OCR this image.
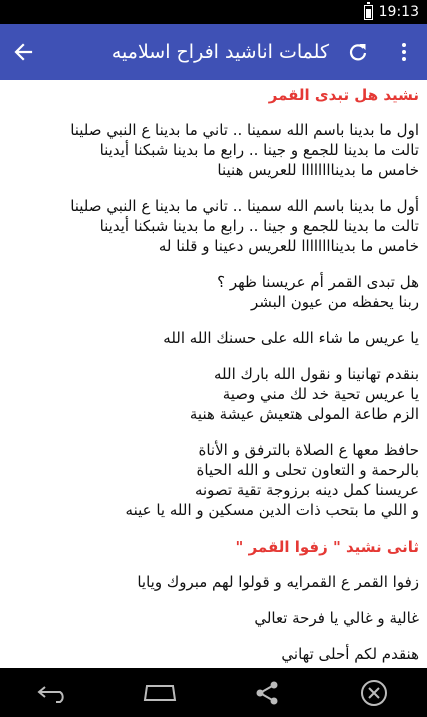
19:13
كلمات اناشيد افراح اسلاميه
نشيد هل تبدى القمر
اول ما بدينا باسم الله سمينا .. تاني ما بدينا ع النبي صلينا
تالت ما بدينا للجمع و جينا .. رابع ما بدينا شبكنا أيدينا
خامس ما بديناااااااا للعريس هنينا
أول ما بدينا باسم الله سمينا .. تاني ما بدينا ع النبي صلينا
تالت ما بدينا للجمع و جينا .. رابع ما بدينا شبكنا أيدينا
خامس ما بديناااااااا للعريس دعينا و قلنا له
هل تبدى القمر أم عريسنا ظهر ؟
ربنا يحفظه من عيون البشر
يا عريس ما شاء الله على حسنك الله الله
بنقدم تهانينا و نقول الله بارك الله
يا عريس تحية خد لك مني وصية
الزم طاعة المولى هتعيش عيشة هنية
حافظ معها ع الصلاة بالترفق و الأناة
بالرحمة و التعاون تحلى و الله الحياة
عريسنا كمل دينه برزوجة تقية تصونه
و اللي ما بتحب ذات الدين مسكين و الله يا عينه
ثانى نشيد " زفوا القمر "
زفوا القمر ع القمرايه و قولوا لهم مبروك ويايا
غالية و غالي يا فرحة تعالي
هنقدم لكم أحلى تهاني
